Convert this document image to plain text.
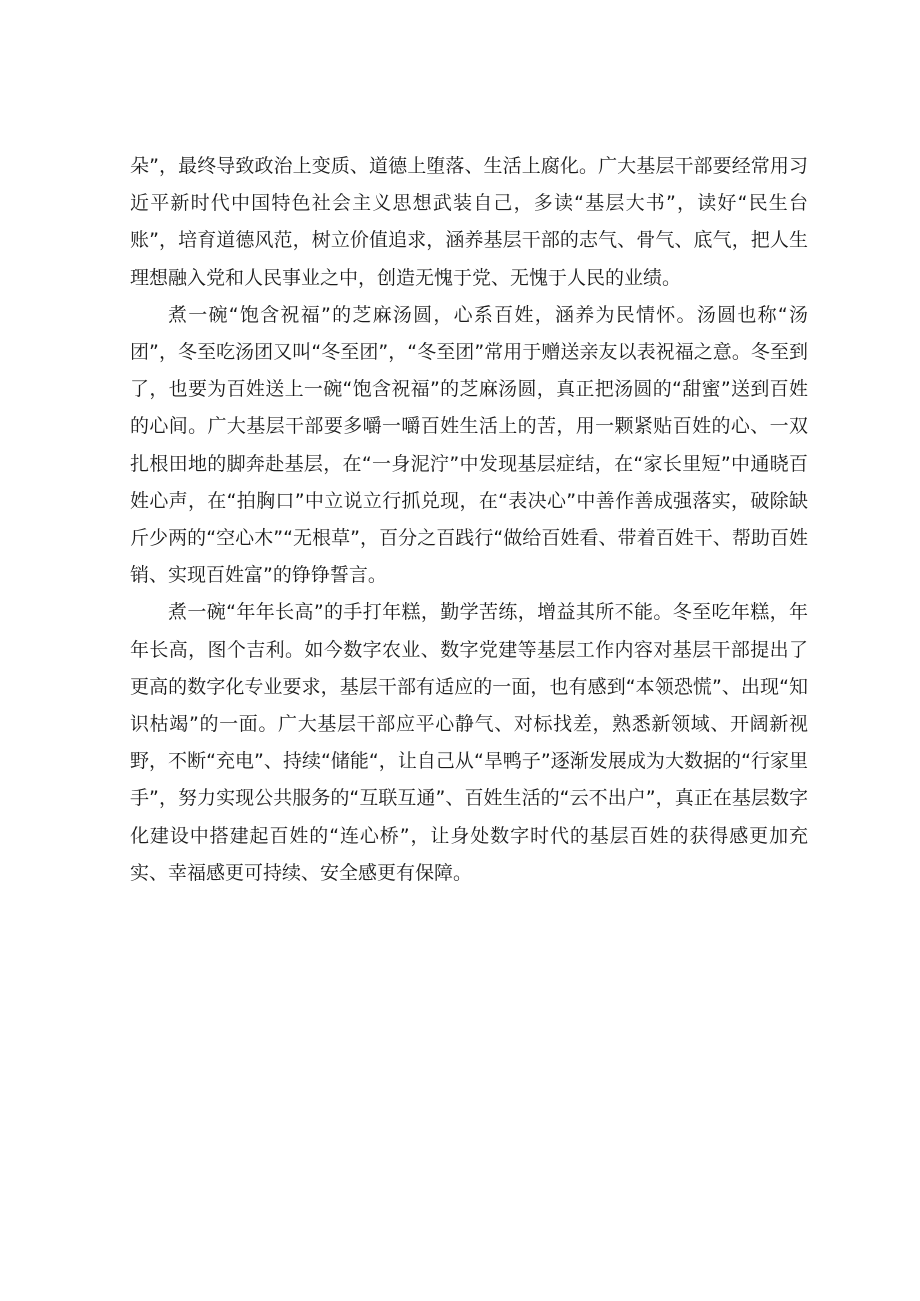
朵”，最终导致政治上变质、道德上堕落、生活上腐化。广大基层干部要经常用习近平新时代中国特色社会主义思想武装自己，多读“基层大书”，读好“民生台账”，培育道德风范，树立价值追求，涵养基层干部的志气、骨气、底气，把人生理想融入党和人民事业之中，创造无愧于党、无愧于人民的业绩。

煮一碗“饱含祝福”的芝麻汤圆，心系百姓，涵养为民情怀。汤圆也称“汤团”，冬至吃汤团又叫“冬至团”，“冬至团”常用于赠送亲友以表祝福之意。冬至到了，也要为百姓送上一碗“饱含祝福”的芝麻汤圆，真正把汤圆的“甜蜜”送到百姓的心间。广大基层干部要多嚼一嚼百姓生活上的苦，用一颗紧贴百姓的心、一双扎根田地的脚奔赴基层，在“一身泥泞”中发现基层症结，在“家长里短”中通晓百姓心声，在“拍胸口”中立说立行抓兑现，在“表决心”中善作善成强落实，破除缺斤少两的“空心木”“无根草”，百分之百践行“做给百姓看、带着百姓干、帮助百姓销、实现百姓富”的铮铮誓言。

煮一碗“年年长高”的手打年糕，勤学苦练，增益其所不能。冬至吃年糕，年年长高，图个吉利。如今数字农业、数字党建等基层工作内容对基层干部提出了更高的数字化专业要求，基层干部有适应的一面，也有感到“本领恐慌”、出现“知识枯竭”的一面。广大基层干部应平心静气、对标找差，熟悉新领域、开阔新视野，不断“充电”、持续“储能“，让自己从“旱鸭子”逐渐发展成为大数据的“行家里手”，努力实现公共服务的“互联互通”、百姓生活的“云不出户”，真正在基层数字化建设中搭建起百姓的“连心桥”，让身处数字时代的基层百姓的获得感更加充实、幸福感更可持续、安全感更有保障。
